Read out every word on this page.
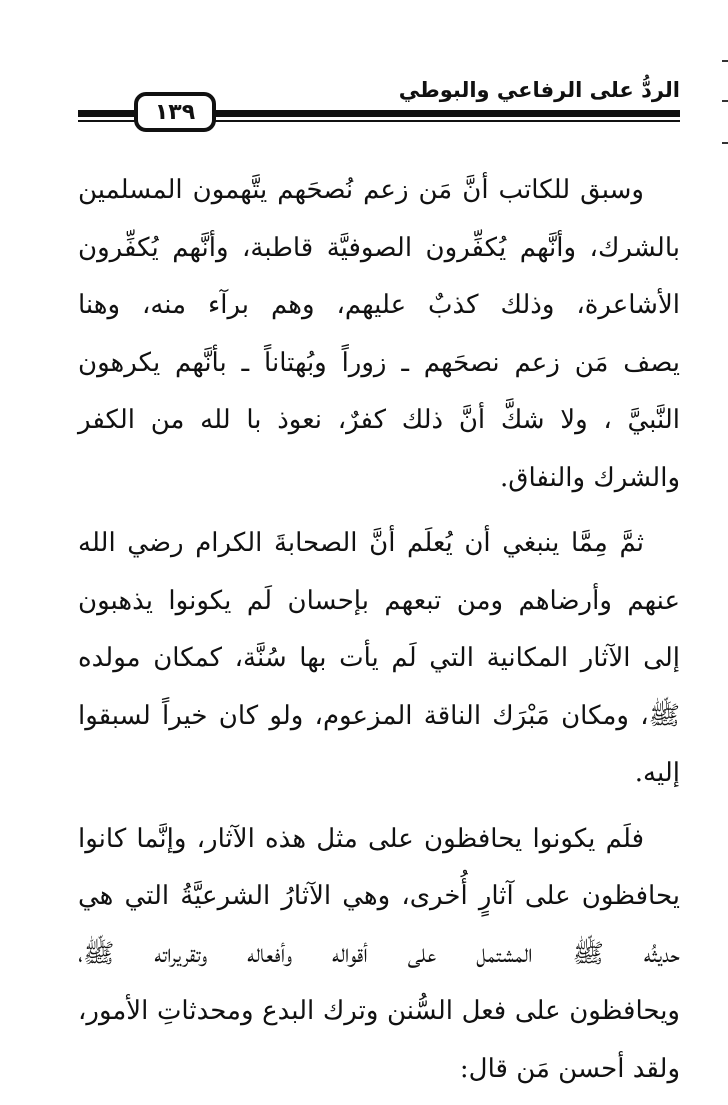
الردُّ على الرفاعي والبوطي
١٣٩

وسبق للكاتب أنَّ مَن زعم نُصحَهم يتَّهمون المسلمين
بالشرك، وأنَّهم يُكفِّرون الصوفيَّة قاطبة، وأنَّهم يُكفِّرون
الأشاعرة، وذلك كذبٌ عليهم، وهم برآء منه، وهنا
يصف مَن زعم نصحَهم ـ زوراً وبُهتاناً ـ بأنَّهم يكرهون
النَّبيَّ ، ولا شكَّ أنَّ ذلك كفرٌ، نعوذ با لله من الكفر
والشرك والنفاق.

ثمَّ مِمَّا ينبغي أن يُعلَم أنَّ الصحابةَ الكرام رضي الله
عنهم وأرضاهم ومن تبعهم بإحسان لَم يكونوا يذهبون
إلى الآثار المكانية التي لَم يأت بها سُنَّة، كمكان مولده
ﷺ، ومكان مَبْرَك الناقة المزعوم، ولو كان خيراً لسبقوا
إليه.

فلَم يكونوا يحافظون على مثل هذه الآثار، وإنَّما كانوا
يحافظون على آثارٍ أُخرى، وهي الآثارُ الشرعيَّةُ التي هي
حديثُه ﷺ المشتمل على أقواله وأفعاله وتقريراته ﷺ،
ويحافظون على فعل السُّنن وترك البدع ومحدثاتِ الأمور،
ولقد أحسن مَن قال:
